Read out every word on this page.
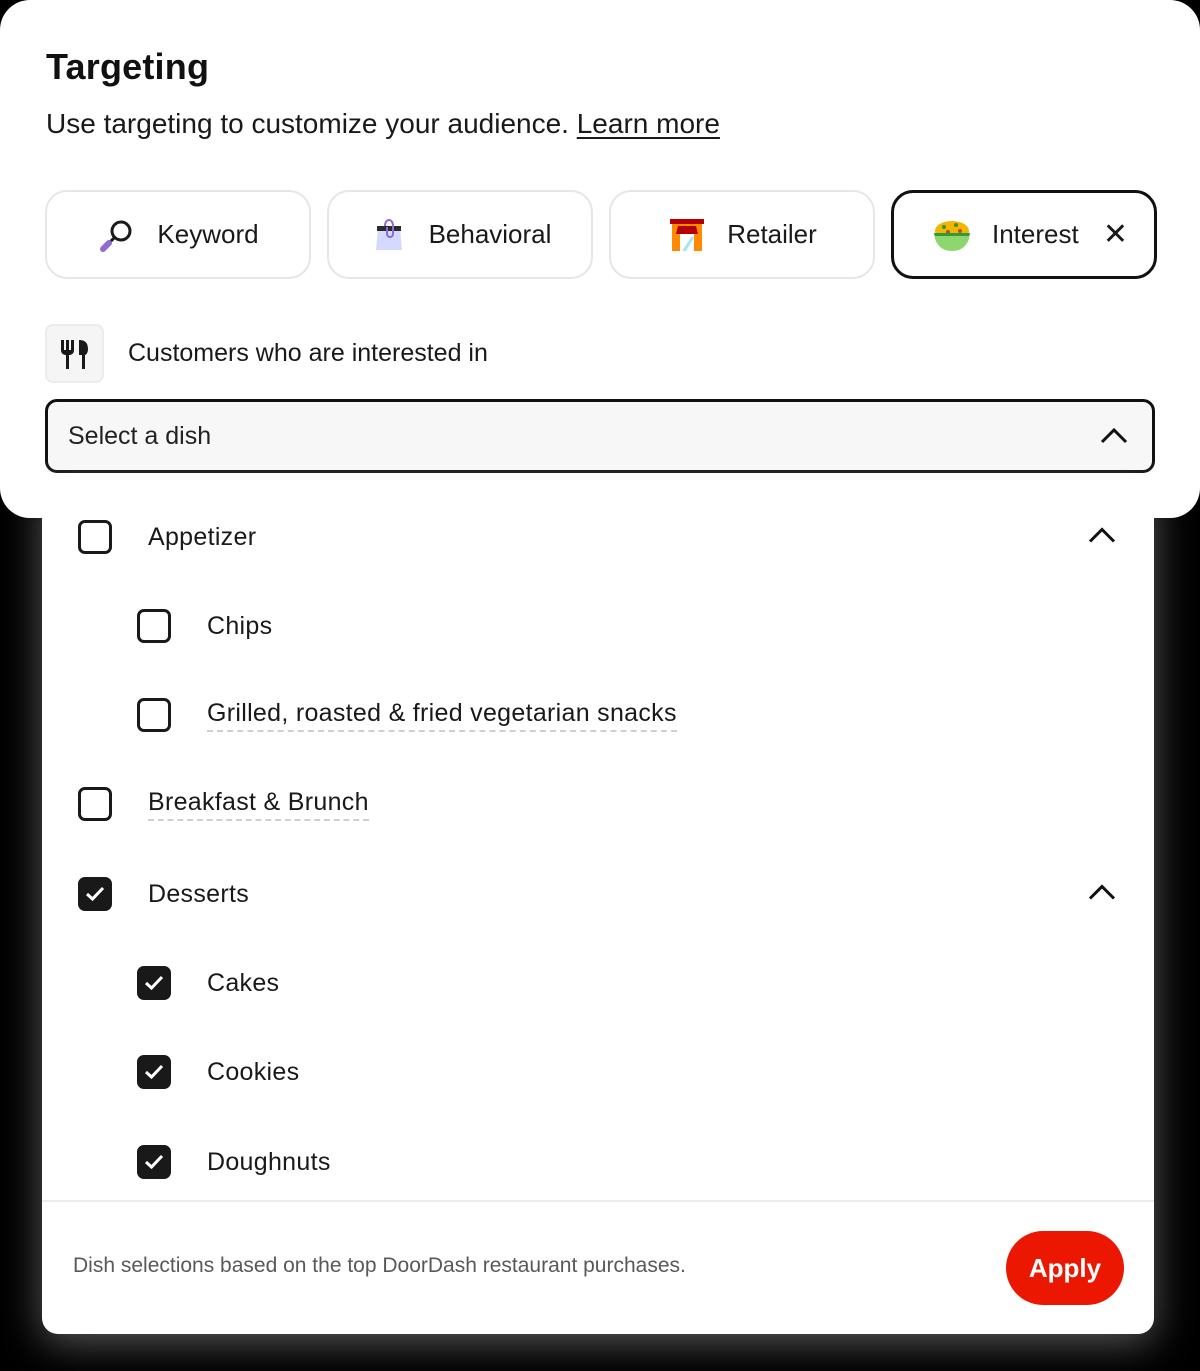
Targeting

Use targeting to customize your audience. Learn more

Keyword	Behavioral	Retailer	Interest ✕
Customers who are interested in
Select a dish
Appetizer
Chips
Grilled, roasted & fried vegetarian snacks
Breakfast & Brunch
Desserts
Cakes
Cookies
Doughnuts
Dish selections based on the top DoorDash restaurant purchases.	Apply
